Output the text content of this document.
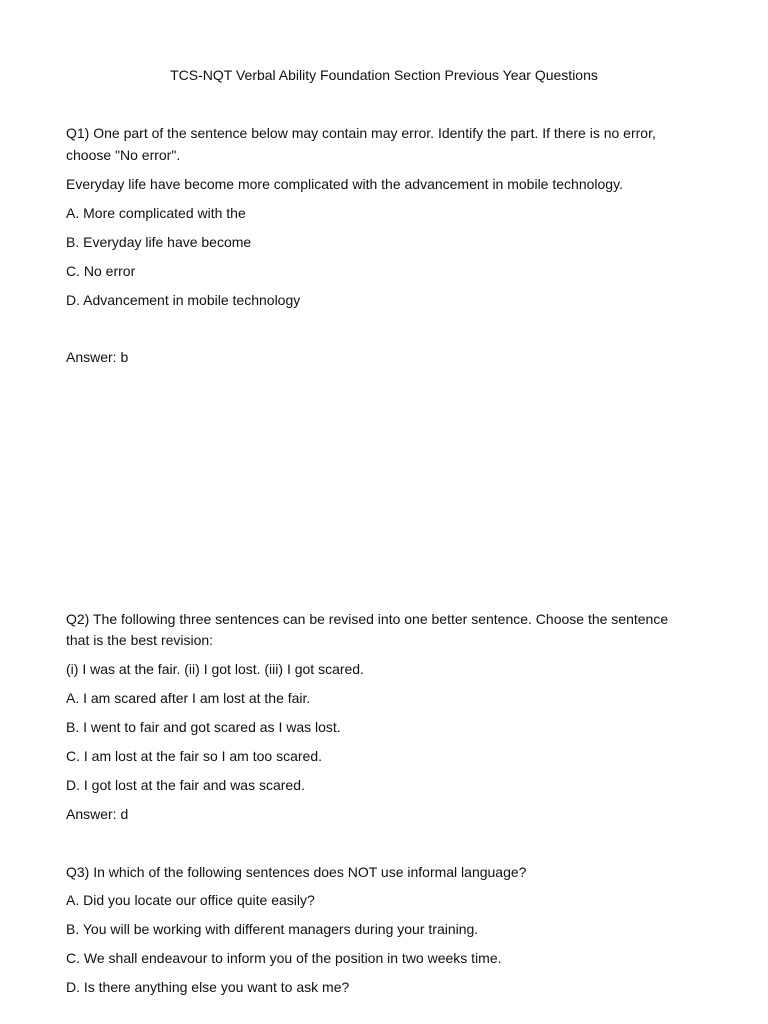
TCS-NQT Verbal Ability Foundation Section Previous Year Questions
Q1) One part of the sentence below may contain may error. Identify the part. If there is no error,
choose "No error".
Everyday life have become more complicated with the advancement in mobile technology.
A. More complicated with the
B. Everyday life have become
C. No error
D. Advancement in mobile technology
Answer: b
Q2) The following three sentences can be revised into one better sentence. Choose the sentence
that is the best revision:
(i) I was at the fair. (ii) I got lost. (iii) I got scared.
A. I am scared after I am lost at the fair.
B. I went to fair and got scared as I was lost.
C. I am lost at the fair so I am too scared.
D. I got lost at the fair and was scared.
Answer: d
Q3) In which of the following sentences does NOT use informal language?
A. Did you locate our office quite easily?
B. You will be working with different managers during your training.
C. We shall endeavour to inform you of the position in two weeks time.
D. Is there anything else you want to ask me?
